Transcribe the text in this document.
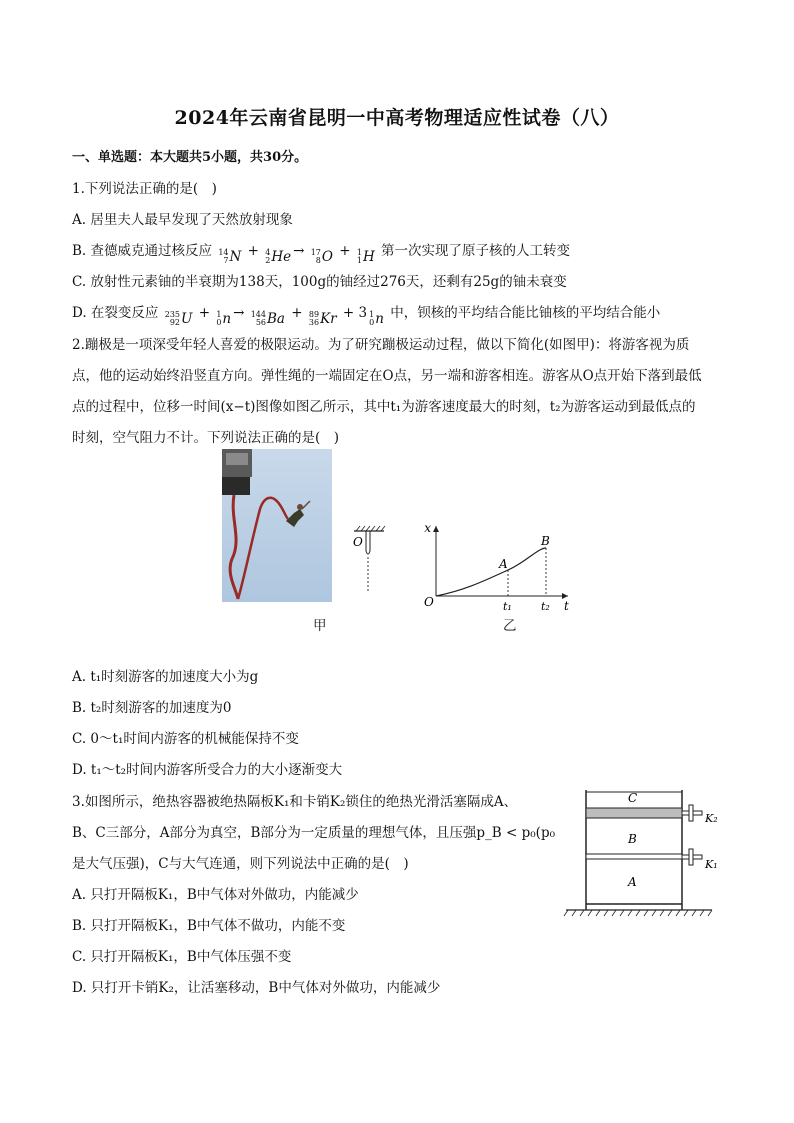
2024年云南省昆明一中高考物理适应性试卷（八）
一、单选题：本大题共5小题，共30分。
1.下列说法正确的是(　)
A. 居里夫人最早发现了天然放射现象
B. 查德威克通过核反应 14
7 N + 4
2 He → 17
8 O + 1
1 H 第一次实现了原子核的人工转变
C. 放射性元素铀的半衰期为138天，100g的铀经过276天，还剩有25g的铀未衰变
D. 在裂变反应 235
92 U + 1
0 n → 144
56 Ba + 89
36 Kr + 3 1
0 n 中，钡核的平均结合能比铀核的平均结合能小
2.蹦极是一项深受年轻人喜爱的极限运动。为了研究蹦极运动过程，做以下简化(如图甲)：将游客视为质
点，他的运动始终沿竖直方向。弹性绳的一端固定在O点，另一端和游客相连。游客从O点开始下落到最低
点的过程中，位移一时间(x−t)图像如图乙所示，其中t₁为游客速度最大的时刻，t₂为游客运动到最低点的
时刻，空气阻力不计。下列说法正确的是(　)
O
x
t
O
A
B
t₁	t₂
甲	乙
A. t₁时刻游客的加速度大小为g
B. t₂时刻游客的加速度为0
C. 0～t₁时间内游客的机械能保持不变
D. t₁～t₂时间内游客所受合力的大小逐渐变大
3.如图所示，绝热容器被绝热隔板K₁和卡销K₂锁住的绝热光滑活塞隔成A、
B、C三部分，A部分为真空，B部分为一定质量的理想气体，且压强p_B < p₀(p₀
是大气压强)，C与大气连通，则下列说法中正确的是(　)
A. 只打开隔板K₁，B中气体对外做功，内能减少
B. 只打开隔板K₁，B中气体不做功，内能不变
C. 只打开隔板K₁，B中气体压强不变
D. 只打开卡销K₂，让活塞移动，B中气体对外做功，内能减少
C
B
A
K₂
K₁
